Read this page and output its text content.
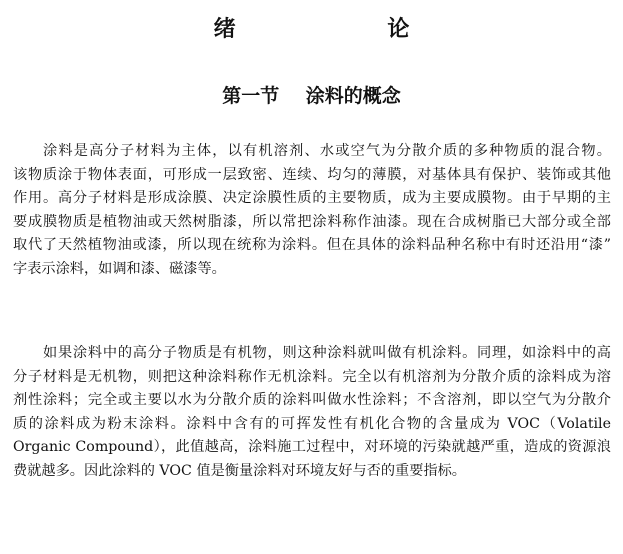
绪 论
第一节    涂料的概念
涂料是高分子材料为主体，以有机溶剂、水或空气为分散介质的多种物质的混合物。
该物质涂于物体表面，可形成一层致密、连续、均匀的薄膜，对基体具有保护、装饰或其他
作用。高分子材料是形成涂膜、决定涂膜性质的主要物质，成为主要成膜物。由于早期的主
要成膜物质是植物油或天然树脂漆，所以常把涂料称作油漆。现在合成树脂已大部分或全部
取代了天然植物油或漆，所以现在统称为涂料。但在具体的涂料品种名称中有时还沿用“漆”
字表示涂料，如调和漆、磁漆等。
如果涂料中的高分子物质是有机物，则这种涂料就叫做有机涂料。同理，如涂料中的高
分子材料是无机物，则把这种涂料称作无机涂料。完全以有机溶剂为分散介质的涂料成为溶
剂性涂料；完全或主要以水为分散介质的涂料叫做水性涂料；不含溶剂，即以空气为分散介
质的涂料成为粉末涂料。涂料中含有的可挥发性有机化合物的含量成为 VOC（Volatile
Organic Compound），此值越高，涂料施工过程中，对环境的污染就越严重，造成的资源浪
费就越多。因此涂料的 VOC 值是衡量涂料对环境友好与否的重要指标。
